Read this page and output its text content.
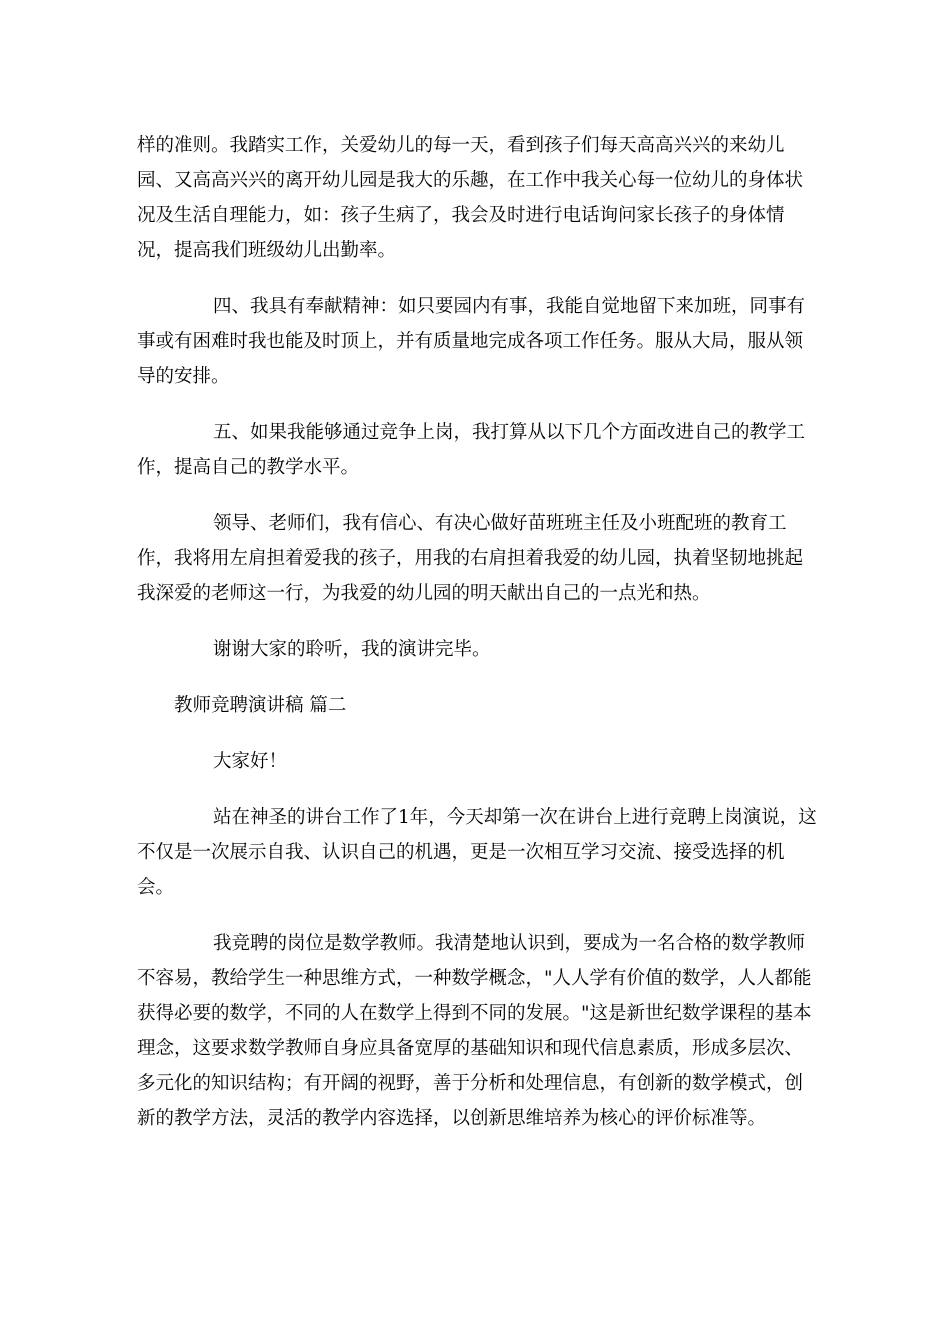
样的准则。我踏实工作，关爱幼儿的每一天，看到孩子们每天高高兴兴的来幼儿园、又高高兴兴的离开幼儿园是我大的乐趣，在工作中我关心每一位幼儿的身体状况及生活自理能力，如：孩子生病了，我会及时进行电话询问家长孩子的身体情况，提高我们班级幼儿出勤率。

四、我具有奉献精神：如只要园内有事，我能自觉地留下来加班，同事有事或有困难时我也能及时顶上，并有质量地完成各项工作任务。服从大局，服从领导的安排。

五、如果我能够通过竞争上岗，我打算从以下几个方面改进自己的教学工作，提高自己的教学水平。

领导、老师们，我有信心、有决心做好苗班班主任及小班配班的教育工作，我将用左肩担着爱我的孩子，用我的右肩担着我爱的幼儿园，执着坚韧地挑起我深爱的老师这一行，为我爱的幼儿园的明天献出自己的一点光和热。

谢谢大家的聆听，我的演讲完毕。

教师竞聘演讲稿 篇二

大家好！

站在神圣的讲台工作了1年，今天却第一次在讲台上进行竞聘上岗演说，这不仅是一次展示自我、认识自己的机遇，更是一次相互学习交流、接受选择的机会。

我竞聘的岗位是数学教师。我清楚地认识到，要成为一名合格的数学教师不容易，教给学生一种思维方式，一种数学概念，"人人学有价值的数学，人人都能获得必要的数学，不同的人在数学上得到不同的发展。"这是新世纪数学课程的基本理念，这要求数学教师自身应具备宽厚的基础知识和现代信息素质，形成多层次、多元化的知识结构；有开阔的视野，善于分析和处理信息，有创新的数学模式，创新的教学方法，灵活的教学内容选择，以创新思维培养为核心的评价标准等。
